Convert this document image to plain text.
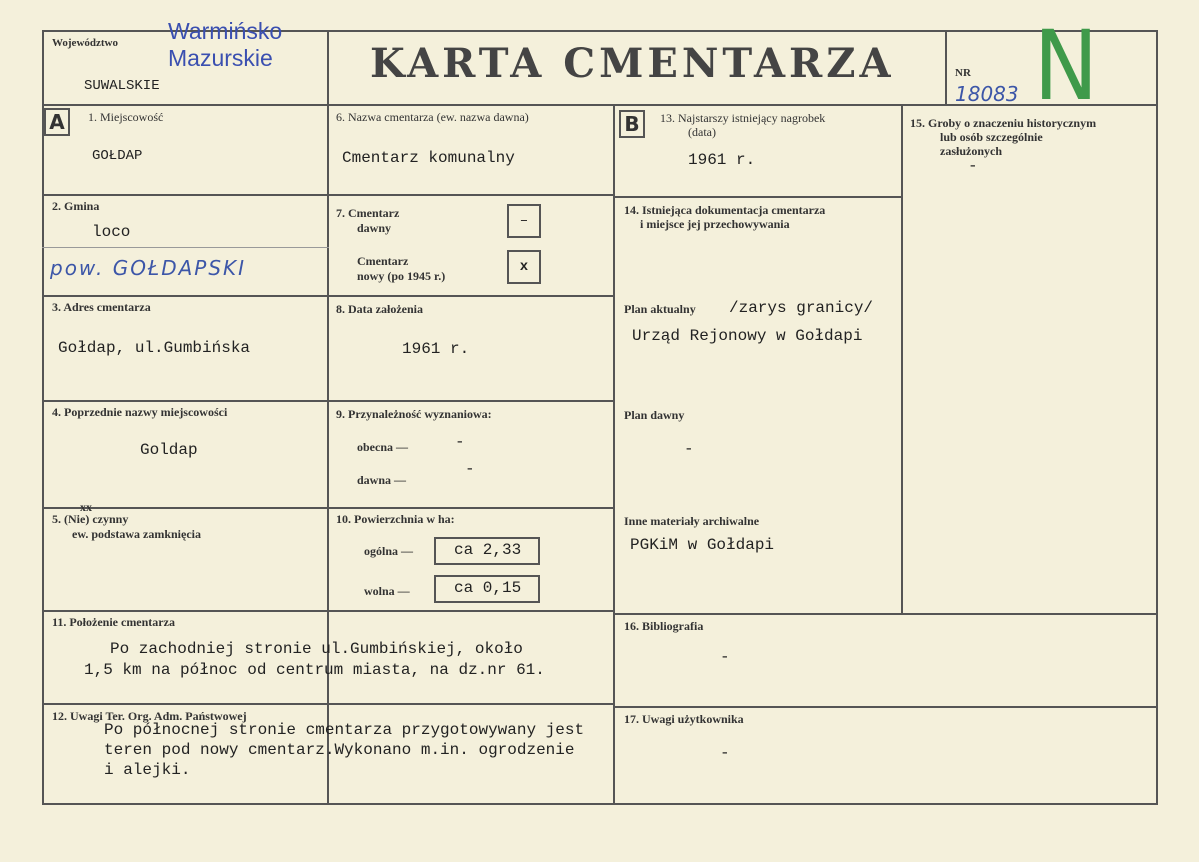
Województwo
SUWALSKIE
Warmińsko
Mazurskie KARTA CMENTARZA	NR
18083 N
A	1. Miejscowość
GOŁDAP
2. Gmina
loco
pow. GOŁDAPSKI
3. Adres cmentarza
Gołdap, ul.Gumbińska
4. Poprzednie nazwy miejscowości
Goldap
5. (Nie) czynny
xx
ew. podstawa zamknięcia
6. Nazwa cmentarza (ew. nazwa dawna)
Cmentarz komunalny
7. Cmentarz
dawny	–
Cmentarz
nowy (po 1945 r.)
x
8. Data założenia
1961 r.
9. Przynależność wyznaniowa:
obecna —	-
dawna —
-
10. Powierzchnia w ha:
ogólna —	ca 2,33
wolna —	ca 0,15
B	13. Najstarszy istniejący nagrobek
(data)
1961 r.
14. Istniejąca dokumentacja cmentarza
i miejsce jej przechowywania
Plan aktualny /zarys granicy/
Urząd Rejonowy w Gołdapi
Plan dawny
-
Inne materiały archiwalne
PGKiM w Gołdapi
15. Groby o znaczeniu historycznym
lub osób szczególnie
zasłużonych
-
11. Położenie cmentarza
Po zachodniej stronie ul.Gumbińskiej, około
1,5 km na północ od centrum miasta, na dz.nr 61.
12. Uwagi Ter. Org. Adm. Państwowej
Po północnej stronie cmentarza przygotowywany jest
teren pod nowy cmentarz.Wykonano m.in. ogrodzenie
i alejki.
16. Bibliografia
-
17. Uwagi użytkownika
-
